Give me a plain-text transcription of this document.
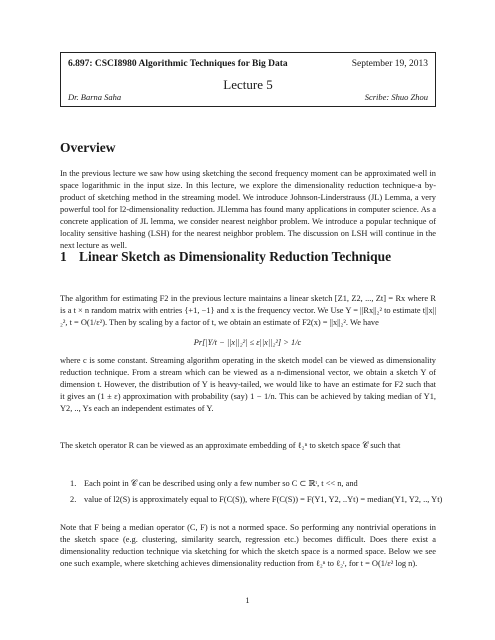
6.897: CSCI8980 Algorithmic Techniques for Big Data	September 19, 2013
Lecture 5
Dr. Barna Saha	Scribe: Shuo Zhou
Overview
In the previous lecture we saw how using sketching the second frequency moment can be approximated well in space logarithmic in the input size. In this lecture, we explore the dimensionality reduction technique-a by-product of sketching method in the streaming model. We introduce Johnson-Linderstrauss (JL) Lemma, a very powerful tool for l2-dimensionality reduction. JLlemma has found many applications in computer science. As a concrete application of JL lemma, we consider nearest neighbor problem. We introduce a popular technique of locality sensitive hashing (LSH) for the nearest neighbor problem. The discussion on LSH will continue in the next lecture as well.
1 Linear Sketch as Dimensionality Reduction Technique
The algorithm for estimating F2 in the previous lecture maintains a linear sketch [Z1, Z2, ..., Zt] = Rx where R is a t × n random matrix with entries {+1, −1} and x is the frequency vector. We Use Y = ||Rx||₂² to estimate t||x||₂², t = O(1/ε²). Then by scaling by a factor of t, we obtain an estimate of F2(x) = ||x||₂². We have
Pr[|Y/t − ||x||₂²| ≤ ε||x||₂²] > 1/c
where c is some constant. Streaming algorithm operating in the sketch model can be viewed as dimensionality reduction technique. From a stream which can be viewed as a n-dimensional vector, we obtain a sketch Y of dimension t. However, the distribution of Y is heavy-tailed, we would like to have an estimate for F2 such that it gives an (1 ± ε) approximation with probability (say) 1 − 1/n. This can be achieved by taking median of Y1, Y2, .., Ys each an independent estimates of Y.
The sketch operator R can be viewed as an approximate embedding of ℓ₂ⁿ to sketch space 𝒞 such that
1. Each point in 𝒞 can be described using only a few number so C ⊂ ℝᵗ, t << n, and
2. value of l2(S) is approximately equal to F(C(S)), where F(C(S)) = F(Y1, Y2, ..Yt) = median(Y1, Y2, .., Yt)
Note that F being a median operator (C, F) is not a normed space. So performing any nontrivial operations in the sketch space (e.g. clustering, similarity search, regression etc.) becomes difficult. Does there exist a dimensionality reduction technique via sketching for which the sketch space is a normed space. Below we see one such example, where sketching achieves dimensionality reduction from ℓ₂ⁿ to ℓ₂ᵗ, for t = O(1/ε² log n).
1
